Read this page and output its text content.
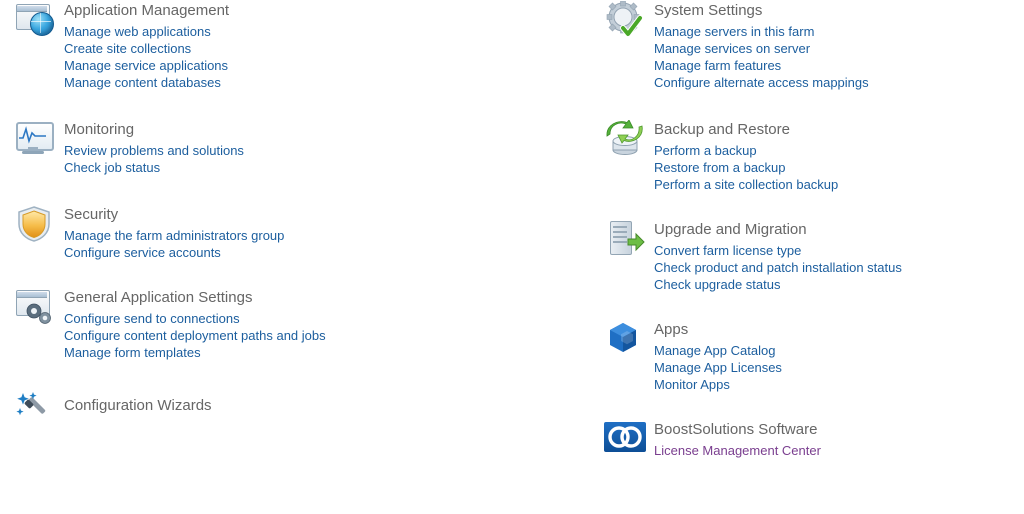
Application Management
Manage web applications
Create site collections
Manage service applications
Manage content databases
Monitoring
Review problems and solutions
Check job status
Security
Manage the farm administrators group
Configure service accounts
General Application Settings
Configure send to connections
Configure content deployment paths and jobs
Manage form templates
Configuration Wizards
System Settings
Manage servers in this farm
Manage services on server
Manage farm features
Configure alternate access mappings
Backup and Restore
Perform a backup
Restore from a backup
Perform a site collection backup
Upgrade and Migration
Convert farm license type
Check product and patch installation status
Check upgrade status
Apps
Manage App Catalog
Manage App Licenses
Monitor Apps
BoostSolutions Software
License Management Center
